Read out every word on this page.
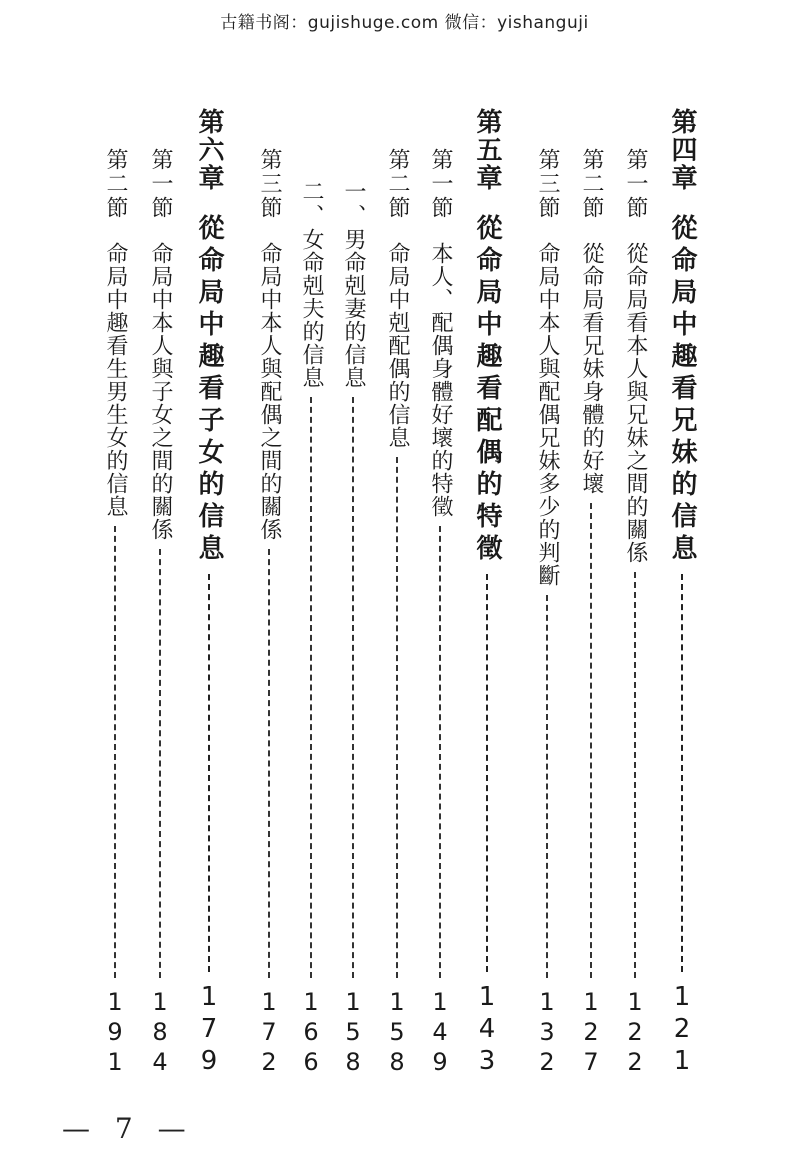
古籍书阁：gujishuge.com 微信：yishanguji
第四章
從命局中趣看兄妹的信息
121
第一節
從命局看本人與兄妹之間的關係
122
第二節
從命局看兄妹身體的好壞
127
第三節
命局中本人與配偶兄妹多少的判斷
132
第五章
從命局中趣看配偶的特徵
143
第一節
本人、配偶身體好壞的特徵
149
第二節
命局中剋配偶的信息
158
一、
男命剋妻的信息
158
二、
女命剋夫的信息
166
第三節
命局中本人與配偶之間的關係
172
第六章
從命局中趣看子女的信息
179
第一節
命局中本人與子女之間的關係
184
第二節
命局中趣看生男生女的信息
191
— 7 —
